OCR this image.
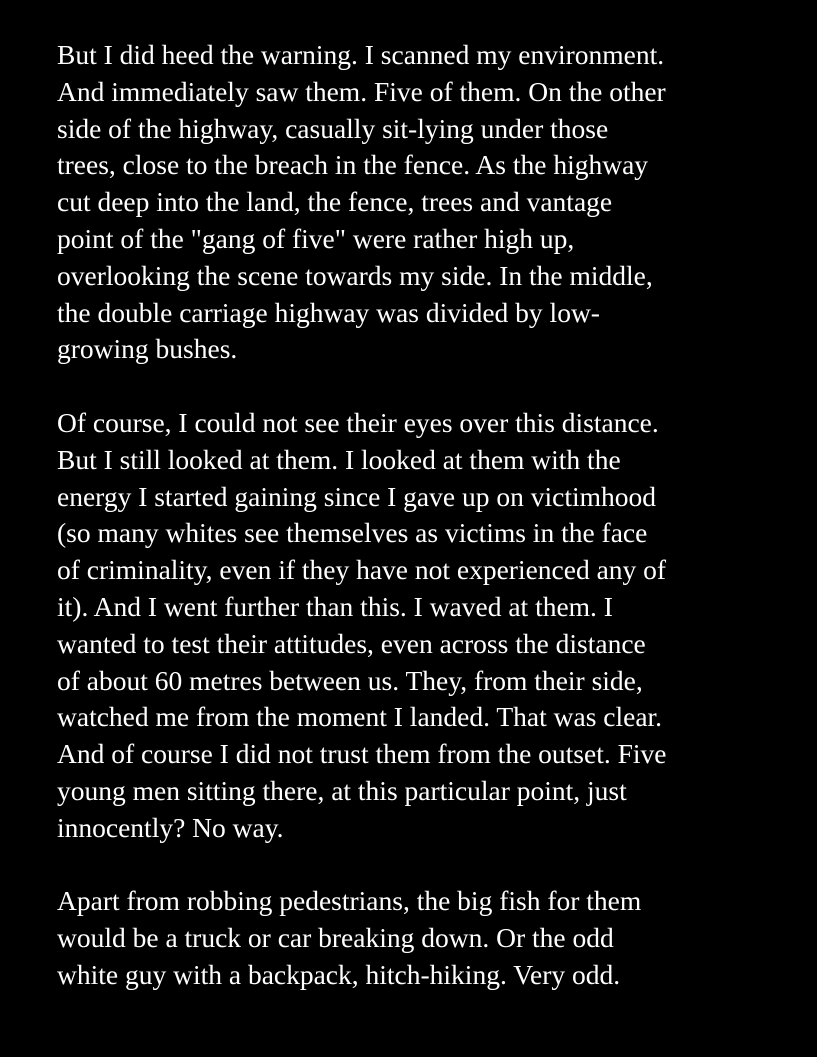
But I did heed the warning. I scanned my environment.
And immediately saw them. Five of them. On the other
side of the highway, casually sit-lying under those
trees, close to the breach in the fence. As the highway
cut deep into the land, the fence, trees and vantage
point of the "gang of five" were rather high up,
overlooking the scene towards my side. In the middle,
the double carriage highway was divided by low-
growing bushes.
Of course, I could not see their eyes over this distance.
But I still looked at them. I looked at them with the
energy I started gaining since I gave up on victimhood
(so many whites see themselves as victims in the face
of criminality, even if they have not experienced any of
it). And I went further than this. I waved at them. I
wanted to test their attitudes, even across the distance
of about 60 metres between us. They, from their side,
watched me from the moment I landed. That was clear.
And of course I did not trust them from the outset. Five
young men sitting there, at this particular point, just
innocently? No way.
Apart from robbing pedestrians, the big fish for them
would be a truck or car breaking down. Or the odd
white guy with a backpack, hitch-hiking. Very odd.
